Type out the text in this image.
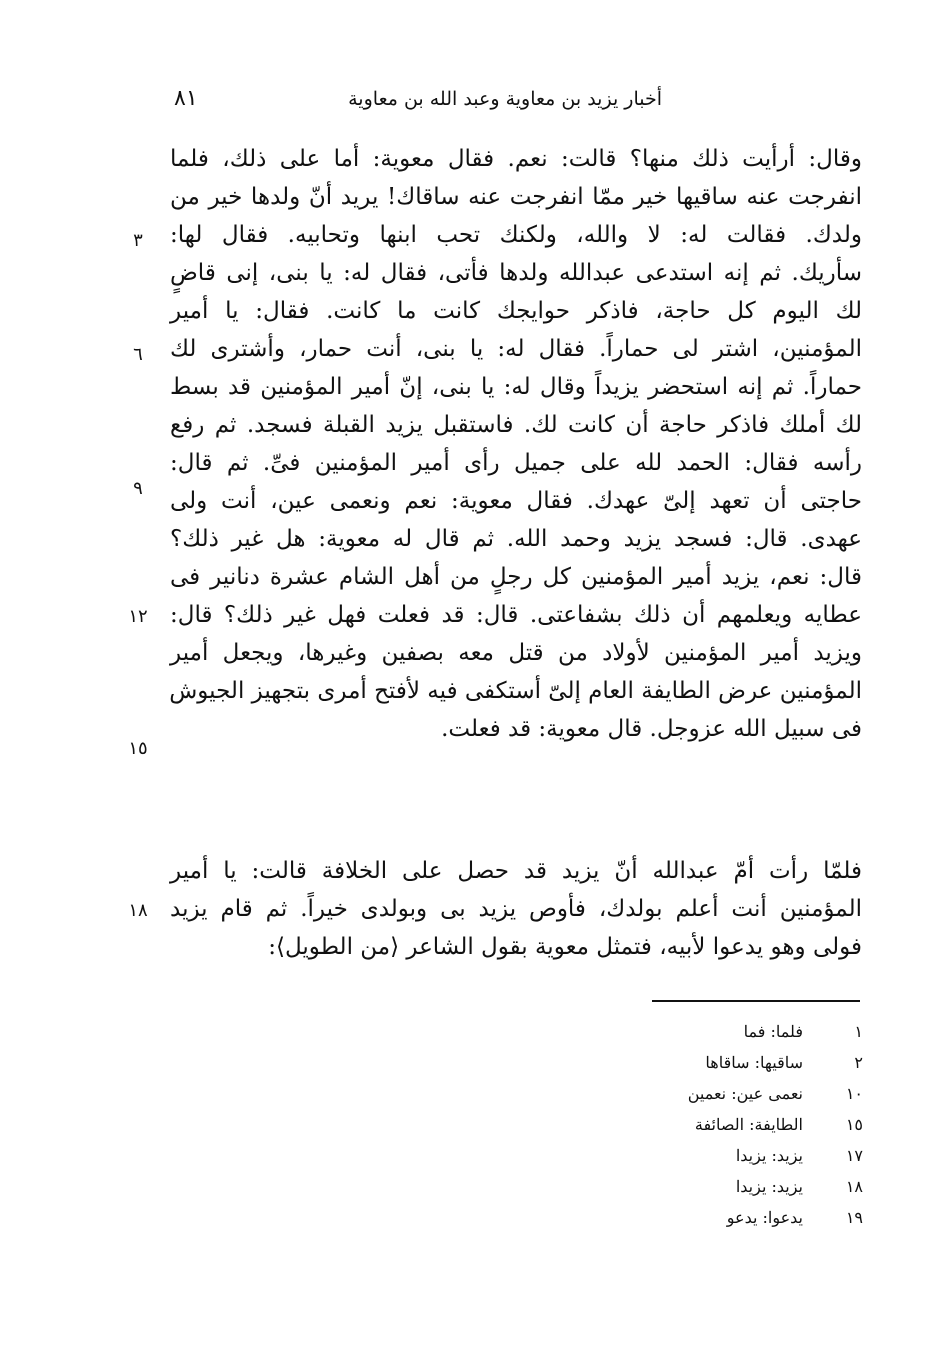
٨١	أخبار يزيد بن معاوية وعبد الله بن معاوية
وقال: أرأيت ذلك منها؟ قالت: نعم. فقال معوية: أما على ذلك، فلما
انفرجت عنه ساقيها خير ممّا انفرجت عنه ساقاك! يريد أنّ ولدها خير من
ولدك. فقالت له: لا والله، ولكنك تحب ابنها وتحابيه. فقال لها:
سأريك. ثم إنه استدعى عبدالله ولدها فأتى، فقال له: يا بنى، إنى قاضٍ
لك اليوم كل حاجة، فاذكر حوايجك كانت ما كانت. فقال: يا أمير
المؤمنين، اشتر لى حماراً. فقال له: يا بنى، أنت حمار، وأشترى لك
حماراً. ثم إنه استحضر يزيداً وقال له: يا بنى، إنّ أمير المؤمنين قد بسط
لك أملك فاذكر حاجة أن كانت لك. فاستقبل يزيد القبلة فسجد. ثم رفع
رأسه فقال: الحمد لله على جميل رأى أمير المؤمنين فىِّ. ثم قال:
حاجتى أن تعهد إلىّ عهدك. فقال معوية: نعم ونعمى عين، أنت ولى
عهدى. قال: فسجد يزيد وحمد الله. ثم قال له معوية: هل غير ذلك؟
قال: نعم، يزيد أمير المؤمنين كل رجلٍ من أهل الشام عشرة دنانير فى
عطايه ويعلمهم أن ذلك بشفاعتى. قال: قد فعلت فهل غير ذلك؟ قال:
ويزيد أمير المؤمنين لأولاد من قتل معه بصفين وغيرها، ويجعل أمير
المؤمنين عرض الطايفة العام إلىّ أستكفى فيه لأفتح أمرى بتجهيز الجيوش
فى سبيل الله عزوجل. قال معوية: قد فعلت.
فلمّا رأت أمّ عبدالله أنّ يزيد قد حصل على الخلافة قالت: يا أمير
المؤمنين أنت أعلم بولدك، فأوص يزيد بى وبولدى خيراً. ثم قام يزيد
فولى وهو يدعوا لأبيه، فتمثل معوية بقول الشاعر ⟨من الطويل⟩:
٣
٦
٩
١٢
١٥
١٨
١فلما: فما
٢ساقيها: ساقاها
١٠نعمى عين: نعمين
١٥الطايفة: الصائفة
١٧يزيد: يزيدا
١٨يزيد: يزيدا
١٩يدعوا: يدعو
